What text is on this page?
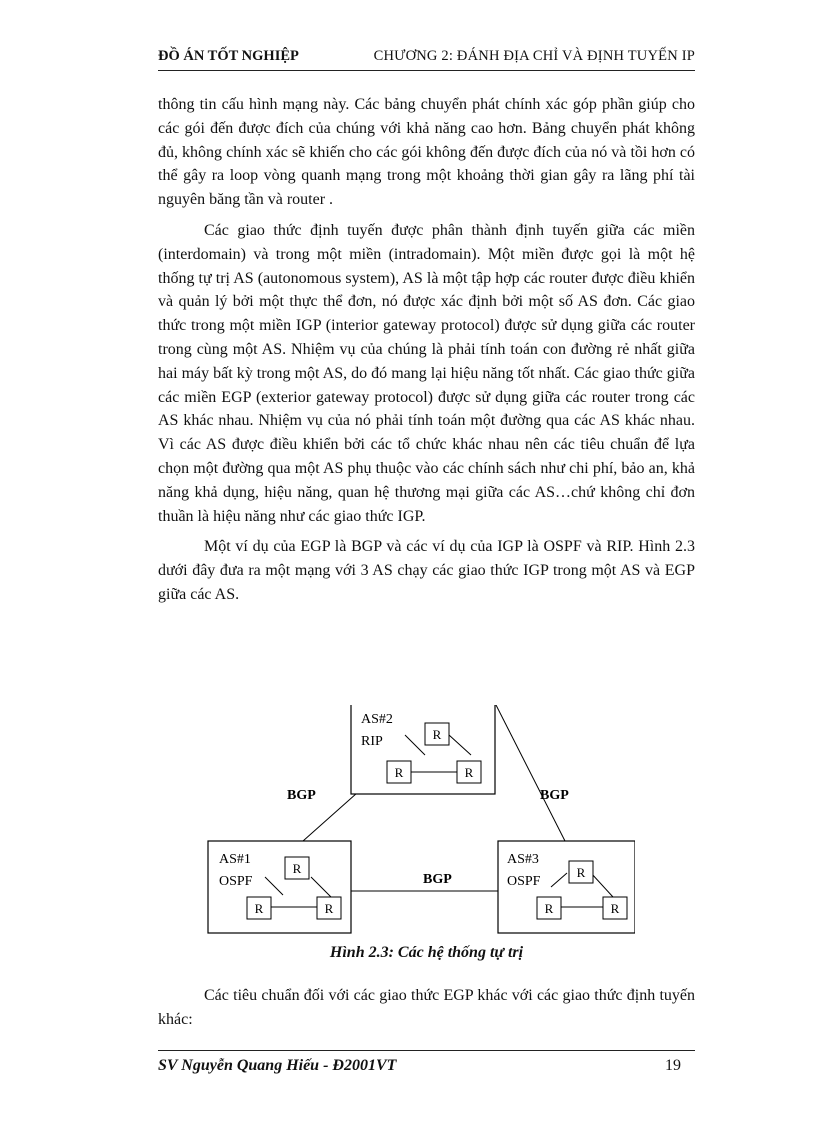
ĐỒ ÁN TỐT NGHIỆP	CHƯƠNG 2: ĐÁNH ĐỊA CHỈ VÀ ĐỊNH TUYẾN IP

thông tin cấu hình mạng này. Các bảng chuyển phát chính xác góp phần giúp cho các gói đến được đích của chúng với khả năng cao hơn. Bảng chuyển phát không đủ, không chính xác sẽ khiến cho các gói không đến được đích của nó và tồi hơn có thể gây ra loop vòng quanh mạng trong một khoảng thời gian gây ra lãng phí tài nguyên băng tần và router .

Các giao thức định tuyến được phân thành định tuyến giữa các miền (interdomain) và trong một miền (intradomain). Một miền được gọi là một hệ thống tự trị AS (autonomous system), AS là một tập hợp các router được điều khiển và quản lý bởi một thực thể đơn, nó được xác định bởi một số AS đơn. Các giao thức trong một miền IGP (interior gateway protocol) được sử dụng giữa các router trong cùng một AS. Nhiệm vụ của chúng là phải tính toán con đường rẻ nhất giữa hai máy bất kỳ trong một AS, do đó mang lại hiệu năng tốt nhất. Các giao thức giữa các miền EGP (exterior gateway protocol) được sử dụng giữa các router trong các AS khác nhau. Nhiệm vụ của nó phải tính toán một đường qua các AS khác nhau. Vì các AS được điều khiển bởi các tổ chức khác nhau nên các tiêu chuẩn để lựa chọn một đường qua một AS phụ thuộc vào các chính sách như chi phí, bảo an, khả năng khả dụng, hiệu năng, quan hệ thương mại giữa các AS…chứ không chỉ đơn thuần là hiệu năng như các giao thức IGP.

Một ví dụ của EGP là BGP và các ví dụ của IGP là OSPF và RIP. Hình 2.3 dưới đây đưa ra một mạng với 3 AS chạy các giao thức IGP trong một AS và EGP giữa các AS.

AS#2
RIP	R
R	R
AS#1
OSPF
R
R	R
AS#3
OSPF
R
R	R
BGP	BGP
BGP
Hình 2.3: Các hệ thống tự trị

Các tiêu chuẩn đối với các giao thức EGP khác với các giao thức định tuyến khác:

SV Nguyễn Quang Hiếu - Đ2001VT	19
